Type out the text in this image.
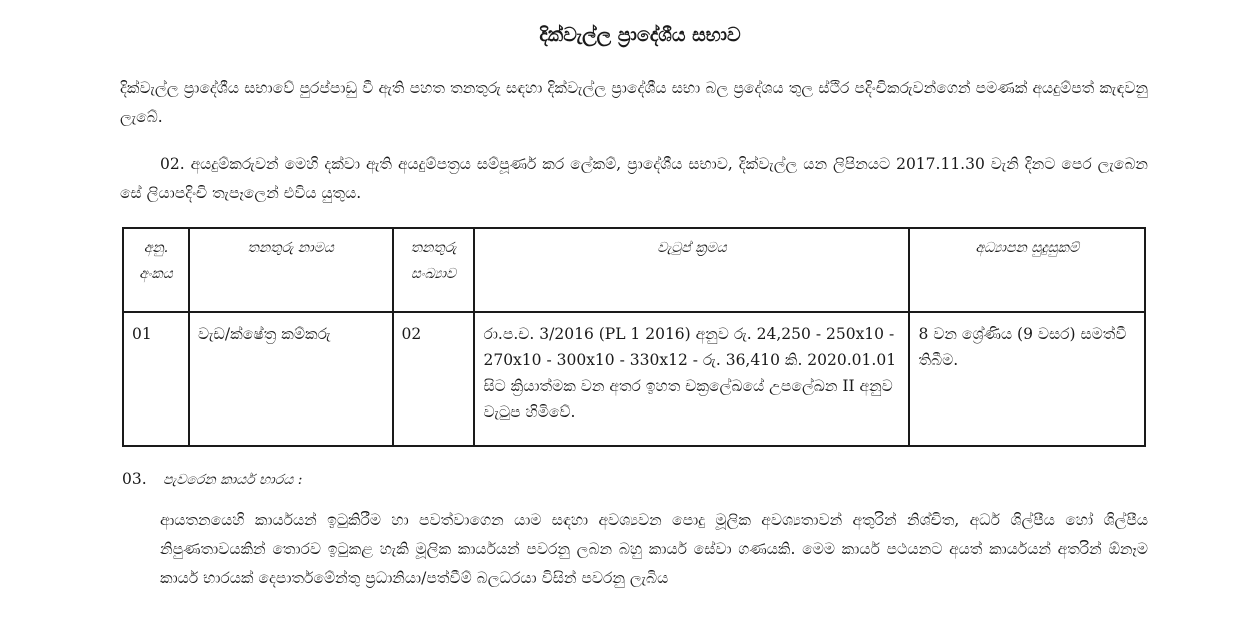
දික්වැල්ල ප්‍රාදේශීය සභාව
දික්වැල්ල ප්‍රාදේශීය සභාවේ පුරප්පාඩු වී ඇති පහත තනතුරු සඳහා දික්වැල්ල ප්‍රාදේශීය සභා බල ප්‍රදේශය තුල ස්ථිර පදිංචිකරුවන්ගෙන් පමණක් අයදුම්පත් කැඳවනු ලැබේ.
02. අයදුම්කරුවන් මෙහි දක්වා ඇති අයදුම්පත්‍රය සම්පූර්ණ කර ලේකම්, ප්‍රාදේශීය සභාව, දික්වැල්ල යන ලිපිනයට 2017.11.30 වැනි දිනට පෙර ලැබෙන සේ ලියාපදිංචි තැපෑලෙන් එවිය යුතුය.
අනු. අංකය	තනතුරු නාමය	තනතුරු සංඛ්‍යාව	වැටුප් ක්‍රමය	අධ්‍යාපන සුදුසුකම්
01	වැඩ/ක්ෂේත්‍ර කම්කරු	02	රා.ප.ච. 3/2016 (PL 1 2016) අනුව රු. 24,250 - 250x10 - 270x10 - 300x10 - 330x12 - රු. 36,410 කි. 2020.01.01 සිට ක්‍රියාත්මක වන අතර ඉහත චක්‍රලේඛයේ උපලේඛන II අනුව වැටුප හිමිවේ.	8 වන ශ්‍රේණිය (9 වසර) සමත්වී තිබීම.
03. පැවරෙන කාර්ය භාරය :
ආයතනයෙහි කාර්යයන් ඉටුකිරීම හා පවත්වාගෙන යාම සඳහා අවශ්‍යවන පොදු මූලික අවශ්‍යතාවන් අතුරින් නිශ්චිත, අර්ධ ශිල්පීය හෝ ශිල්පීය නිපුණතාවයකින් තොරව ඉටුකළ හැකි මූලික කාර්යයන් පවරනු ලබන බහු කාර්ය සේවා ගණයකි. මෙම කාර්ය පථයනට අයත් කාර්යයන් අතරින් ඕනෑම කාර්ය භාරයක් දෙපාර්තමේන්තු ප්‍රධානියා/පත්වීම් බලධරයා විසින් පවරනු ලැබිය
